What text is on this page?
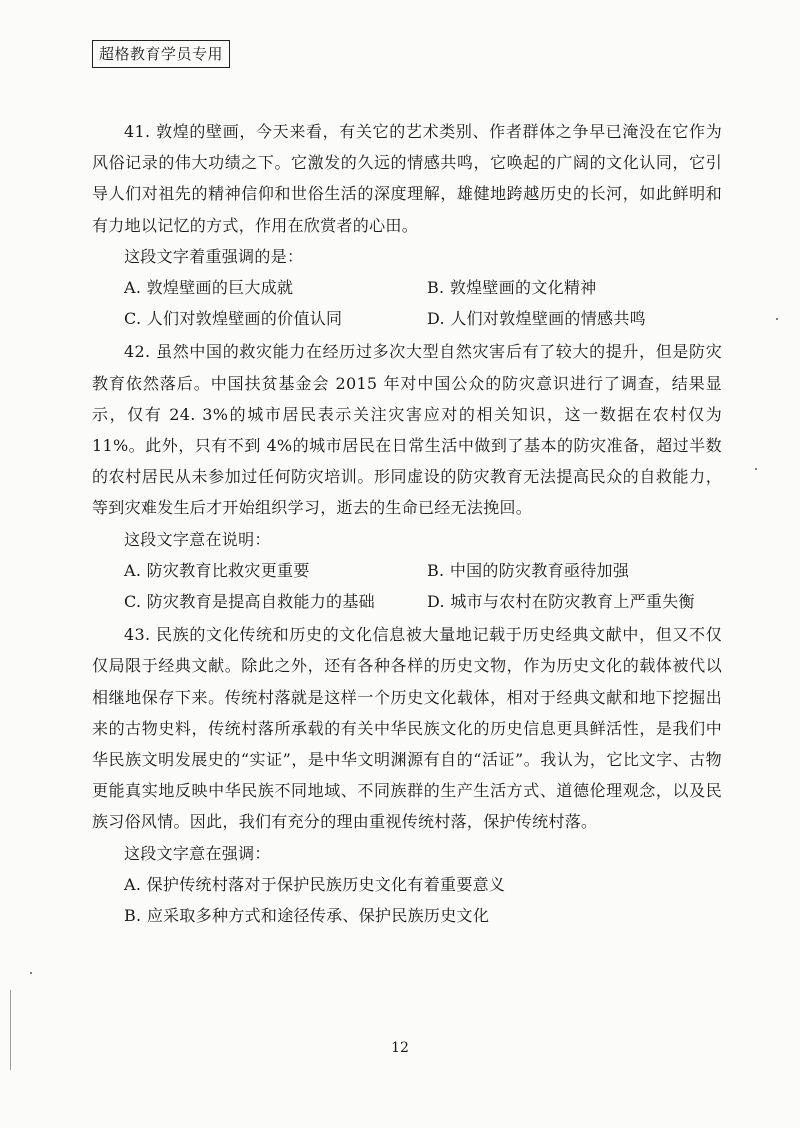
超格教育学员专用

41. 敦煌的壁画，今天来看，有关它的艺术类别、作者群体之争早已淹没在它作为风俗记录的伟大功绩之下。它激发的久远的情感共鸣，它唤起的广阔的文化认同，它引导人们对祖先的精神信仰和世俗生活的深度理解，雄健地跨越历史的长河，如此鲜明和有力地以记忆的方式，作用在欣赏者的心田。

这段文字着重强调的是：

A. 敦煌壁画的巨大成就	B. 敦煌壁画的文化精神
C. 人们对敦煌壁画的价值认同	D. 人们对敦煌壁画的情感共鸣

42. 虽然中国的救灾能力在经历过多次大型自然灾害后有了较大的提升，但是防灾教育依然落后。中国扶贫基金会 2015 年对中国公众的防灾意识进行了调查，结果显示，仅有 24. 3%的城市居民表示关注灾害应对的相关知识，这一数据在农村仅为 11%。此外，只有不到 4%的城市居民在日常生活中做到了基本的防灾准备，超过半数的农村居民从未参加过任何防灾培训。形同虚设的防灾教育无法提高民众的自救能力，等到灾难发生后才开始组织学习，逝去的生命已经无法挽回。

这段文字意在说明：

A. 防灾教育比救灾更重要	B. 中国的防灾教育亟待加强
C. 防灾教育是提高自救能力的基础	D. 城市与农村在防灾教育上严重失衡

43. 民族的文化传统和历史的文化信息被大量地记载于历史经典文献中，但又不仅仅局限于经典文献。除此之外，还有各种各样的历史文物，作为历史文化的载体被代以相继地保存下来。传统村落就是这样一个历史文化载体，相对于经典文献和地下挖掘出来的古物史料，传统村落所承载的有关中华民族文化的历史信息更具鲜活性，是我们中华民族文明发展史的“实证”，是中华文明渊源有自的“活证”。我认为，它比文字、古物更能真实地反映中华民族不同地域、不同族群的生产生活方式、道德伦理观念，以及民族习俗风情。因此，我们有充分的理由重视传统村落，保护传统村落。

这段文字意在强调：

A. 保护传统村落对于保护民族历史文化有着重要意义
B. 应采取多种方式和途径传承、保护民族历史文化
12
